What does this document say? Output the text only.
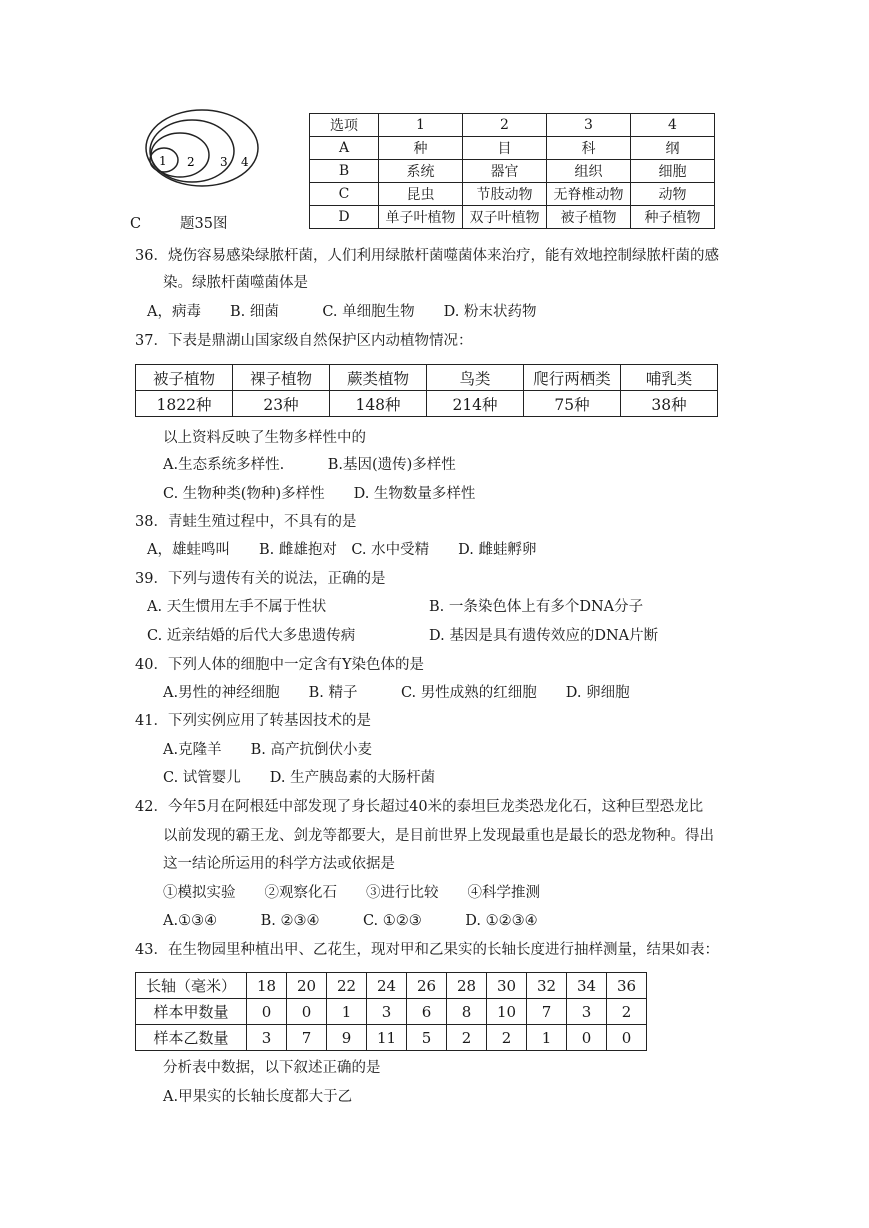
1 2 3 4
C	题35图
选项	1	2	3	4
A	种	目	科	纲
B	系统	器官	组织	细胞
C	昆虫	节肢动物	无脊椎动物	动物
D	单子叶植物	双子叶植物	被子植物	种子植物
36．烧伤容易感染绿脓杆菌，人们利用绿脓杆菌噬菌体来治疗，能有效地控制绿脓杆菌的感
染。绿脓杆菌噬菌体是
A，病毒　　B. 细菌　　　C. 单细胞生物　　D. 粉末状药物
37．下表是鼎湖山国家级自然保护区内动植物情况：
被子植物	裸子植物	蕨类植物	鸟类	爬行两栖类	哺乳类
1822种	23种	148种	214种	75种	38种
以上资料反映了生物多样性中的
A.生态系统多样性.　　　B.基因(遗传)多样性
C. 生物种类(物种)多样性　　D. 生物数量多样性
38．青蛙生殖过程中，不具有的是
A，雄蛙鸣叫　　B. 雌雄抱对　C. 水中受精　　D. 雌蛙孵卵
39．下列与遗传有关的说法，正确的是
A. 天生惯用左手不属于性状	B. 一条染色体上有多个DNA分子
C. 近亲结婚的后代大多患遗传病	D. 基因是具有遗传效应的DNA片断
40．下列人体的细胞中一定含有Y染色体的是
A.男性的神经细胞　　B. 精子　　　C. 男性成熟的红细胞　　D. 卵细胞
41．下列实例应用了转基因技术的是
A.克隆羊　　B. 高产抗倒伏小麦
C. 试管婴儿　　D. 生产胰岛素的大肠杆菌
42．今年5月在阿根廷中部发现了身长超过40米的泰坦巨龙类恐龙化石，这种巨型恐龙比
以前发现的霸王龙、剑龙等都要大，是目前世界上发现最重也是最长的恐龙物种。得出
这一结论所运用的科学方法或依据是
①模拟实验　　②观察化石　　③进行比较　　④科学推测
A.①③④　　　B. ②③④　　　C. ①②③　　　D. ①②③④
43．在生物园里种植出甲、乙花生，现对甲和乙果实的长轴长度进行抽样测量，结果如表：
长轴（毫米）	18	20	22	24	26	28	30	32	34	36
样本甲数量	0	0	1	3	6	8	10	7	3	2
样本乙数量	3	7	9	11	5	2	2	1	0	0
分析表中数据，以下叙述正确的是
A.甲果实的长轴长度都大于乙
